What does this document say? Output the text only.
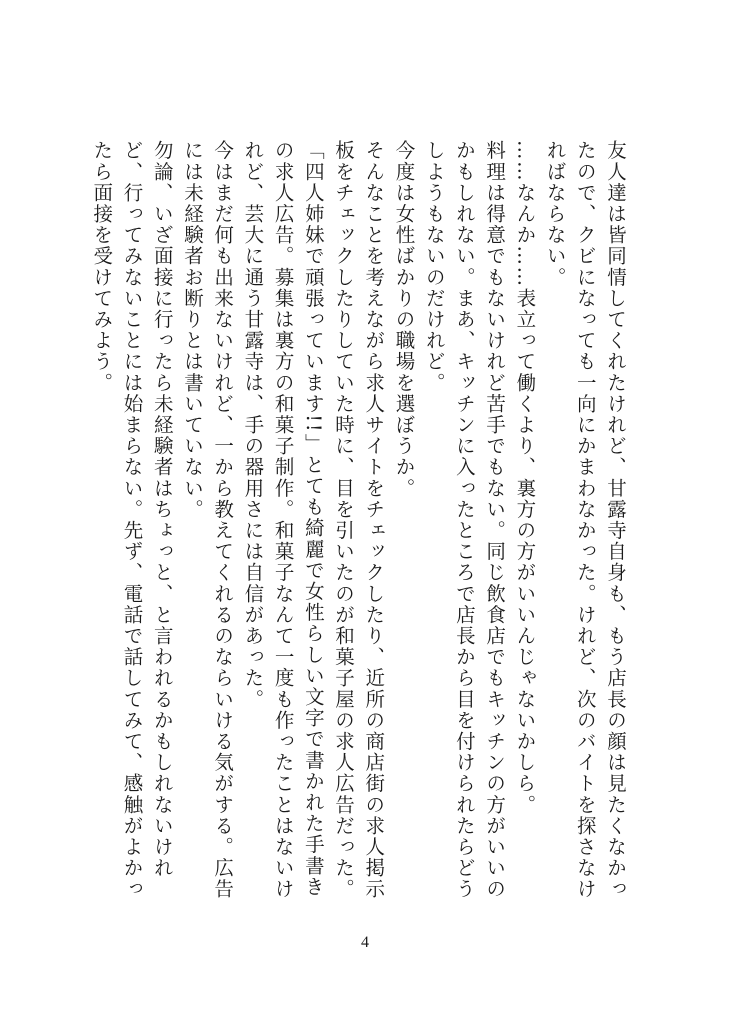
友人達は皆同情してくれたけれど、甘露寺自身も、もう店長の顔は見たくなかったので、クビになっても一向にかまわなかった。けれど、次のバイトを探さなければならない。

……なんか……表立って働くより、裏方の方がいいんじゃないかしら。

料理は得意でもないけれど苦手でもない。同じ飲食店でもキッチンの方がいいのかもしれない。まあ、キッチンに入ったところで店長から目を付けられたらどうしようもないのだけれど。

今度は女性ばかりの職場を選ぼうか。

そんなことを考えながら求人サイトをチェックしたり、近所の商店街の求人掲示板をチェックしたりしていた時に、目を引いたのが和菓子屋の求人広告だった。

「四人姉妹で頑張っています!!」とても綺麗で女性らしい文字で書かれた手書きの求人広告。募集は裏方の和菓子制作。和菓子なんて一度も作ったことはないけれど、芸大に通う甘露寺は、手の器用さには自信があった。

今はまだ何も出来ないけれど、一から教えてくれるのならいける気がする。広告には未経験者お断りとは書いていない。

勿論、いざ面接に行ったら未経験者はちょっと、と言われるかもしれないけれど、行ってみないことには始まらない。先ず、電話で話してみて、感触がよかったら面接を受けてみよう。

4
